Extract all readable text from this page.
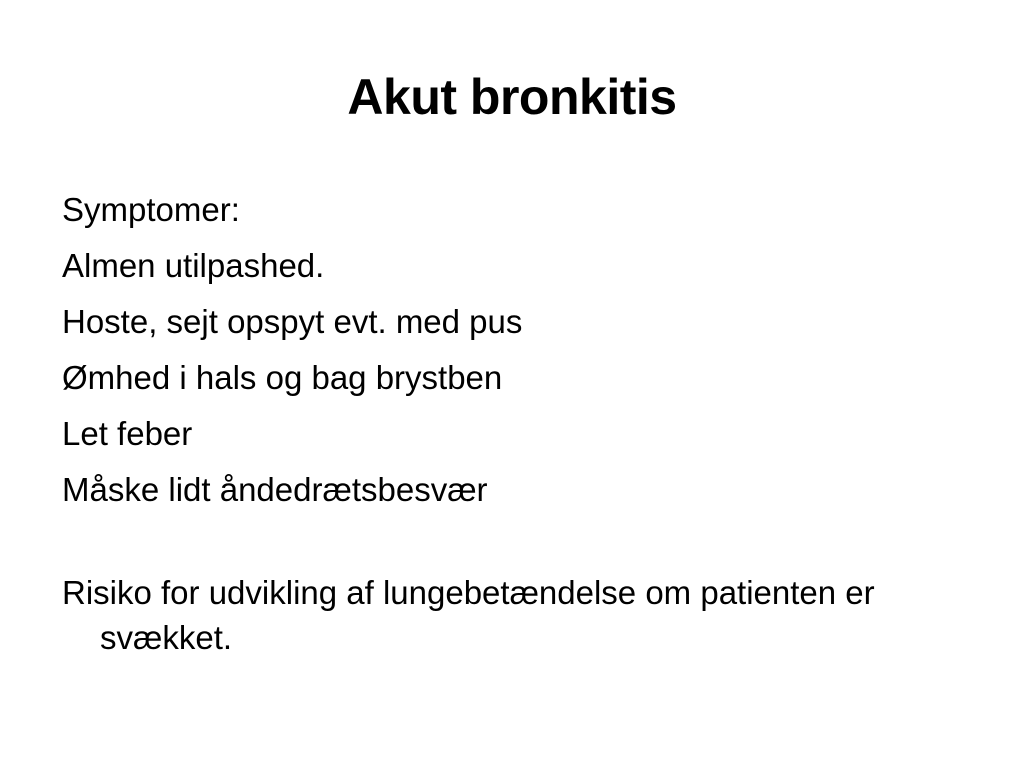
Akut bronkitis
Symptomer:
Almen utilpashed.
Hoste, sejt opspyt evt. med pus
Ømhed i hals og bag brystben
Let feber
Måske lidt åndedrætsbesvær
Risiko for udvikling af lungebetændelse om patienten er svækket.
